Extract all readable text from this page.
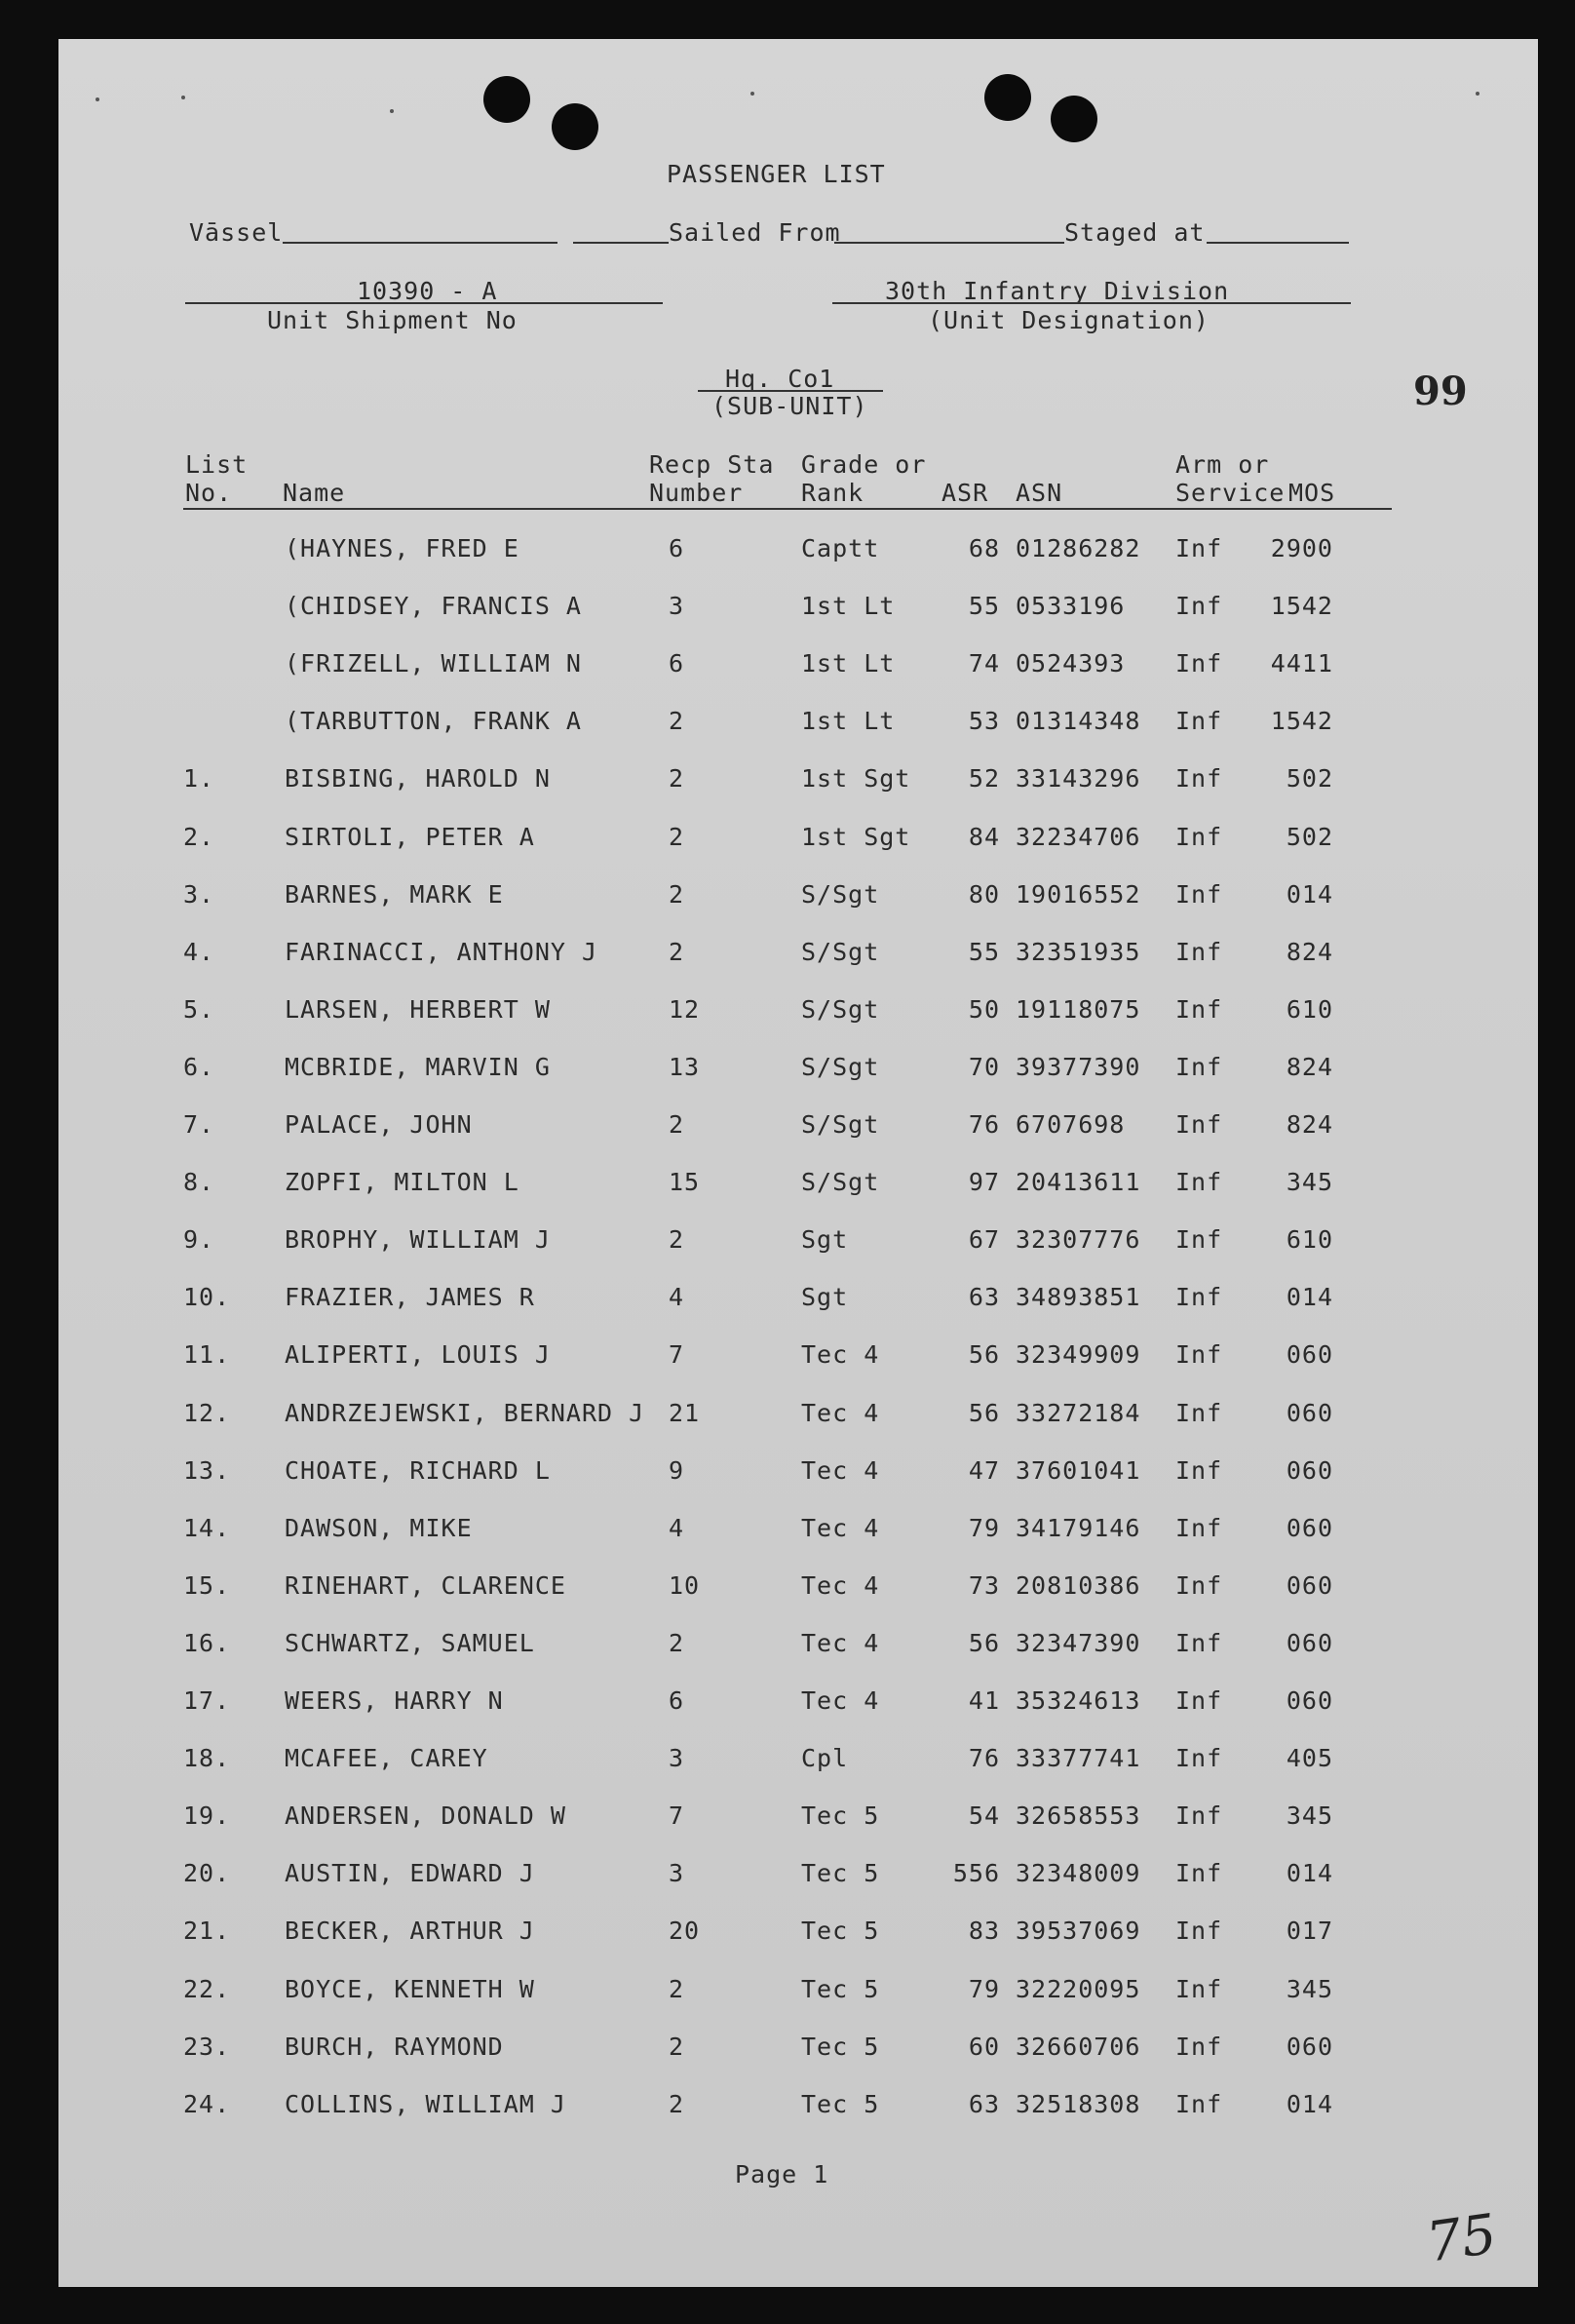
PASSENGER LIST
Vāssel	Sailed From	Staged at
10390 - A
Unit Shipment No
30th Infantry Division
(Unit Designation)
Hq. Co1
(SUB-UNIT)	99
List
No.	Name
Recp Sta
Number
Grade or
Rank	ASR ASN
Arm or
Service MOS
(HAYNES, FRED E	6	Captt	68 01286282 Inf 2900
(CHIDSEY, FRANCIS A	3	1st Lt	55 0533196 Inf 1542
(FRIZELL, WILLIAM N	6	1st Lt	74 0524393 Inf 4411
(TARBUTTON, FRANK A	2	1st Lt	53 01314348 Inf 1542
1.	BISBING, HAROLD N	2	1st Sgt	52 33143296 Inf	502
2.	SIRTOLI, PETER A	2	1st Sgt	84 32234706 Inf	502
3.	BARNES, MARK E	2	S/Sgt	80 19016552 Inf	014
4.	FARINACCI, ANTHONY J	2	S/Sgt	55 32351935 Inf	824
5.	LARSEN, HERBERT W	12	S/Sgt	50 19118075 Inf	610
6.	MCBRIDE, MARVIN G	13	S/Sgt	70 39377390 Inf	824
7.	PALACE, JOHN	2	S/Sgt	76 6707698 Inf	824
8.	ZOPFI, MILTON L	15	S/Sgt	97 20413611 Inf	345
9.	BROPHY, WILLIAM J	2	Sgt	67 32307776 Inf	610
10. FRAZIER, JAMES R	4	Sgt	63 34893851 Inf	014
11. ALIPERTI, LOUIS J	7	Tec 4	56 32349909 Inf	060
12. ANDRZEJEWSKI, BERNARD J 21	Tec 4	56 33272184 Inf	060
13. CHOATE, RICHARD L	9	Tec 4	47 37601041 Inf	060
14. DAWSON, MIKE	4	Tec 4	79 34179146 Inf	060
15. RINEHART, CLARENCE	10	Tec 4	73 20810386 Inf	060
16. SCHWARTZ, SAMUEL	2	Tec 4	56 32347390 Inf	060
17. WEERS, HARRY N	6	Tec 4	41 35324613 Inf	060
18. MCAFEE, CAREY	3	Cpl	76 33377741 Inf	405
19. ANDERSEN, DONALD W	7	Tec 5	54 32658553 Inf	345
20. AUSTIN, EDWARD J	3	Tec 5	556 32348009 Inf	014
21. BECKER, ARTHUR J	20	Tec 5	83 39537069 Inf	017
22. BOYCE, KENNETH W	2	Tec 5	79 32220095 Inf	345
23. BURCH, RAYMOND	2	Tec 5	60 32660706 Inf	060
24. COLLINS, WILLIAM J	2	Tec 5	63 32518308 Inf	014
Page 1
75
